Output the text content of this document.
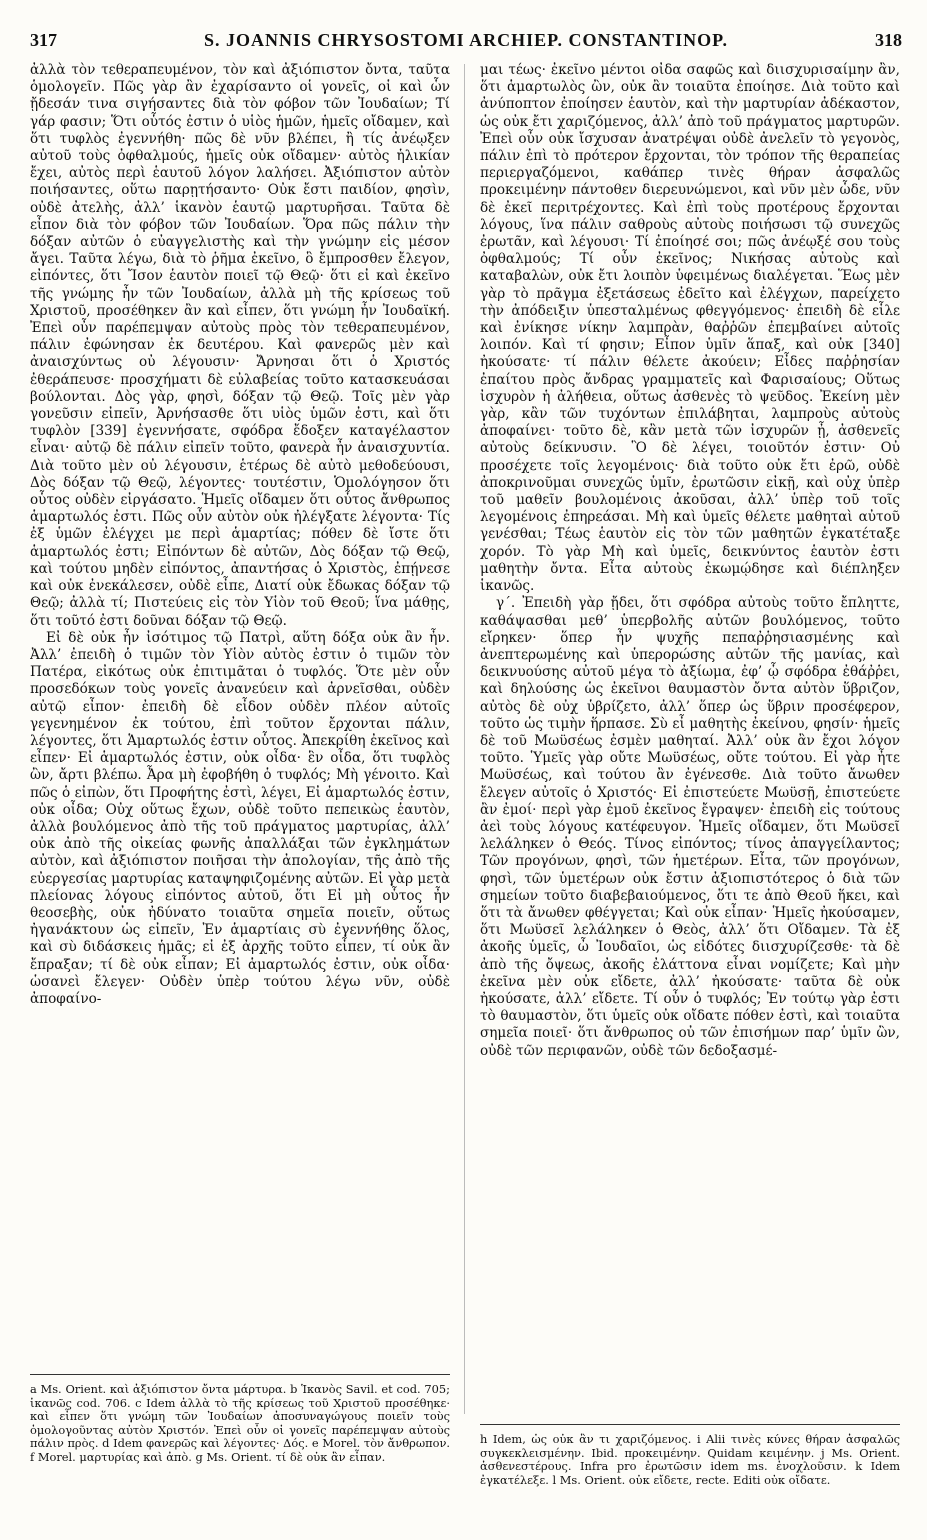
317	S. JOANNIS CHRYSOSTOMI ARCHIEP. CONSTANTINOP.	318

ἀλλὰ τὸν τεθεραπευμένον, τὸν καὶ ἀξιόπιστον ὄντα, ταῦτα ὁμολογεῖν. Πῶς γὰρ ἂν ἐχαρίσαντο οἱ γονεῖς, οἱ καὶ ὧν ᾔδεσάν τινα σιγήσαντες διὰ τὸν φόβον τῶν Ἰουδαίων; Τί γάρ φασιν; Ὅτι οὗτός ἐστιν ὁ υἱὸς ἡμῶν, ἡμεῖς οἴδαμεν, καὶ ὅτι τυφλὸς ἐγεννήθη· πῶς δὲ νῦν βλέπει, ἢ τίς ἀνέῳξεν αὐτοῦ τοὺς ὀφθαλμούς, ἡμεῖς οὐκ οἴδαμεν· αὐτὸς ἡλικίαν ἔχει, αὐτὸς περὶ ἑαυτοῦ λόγον λαλήσει. Ἀξιόπιστον αὐτὸν ποιήσαντες, οὕτω παρῃτήσαντο· Οὐκ ἔστι παιδίον, φησὶν, οὐδὲ ἀτελὴς, ἀλλ’ ἱκανὸν ἑαυτῷ μαρτυρῆσαι. Ταῦτα δὲ εἶπον διὰ τὸν φόβον τῶν Ἰουδαίων. Ὅρα πῶς πάλιν τὴν δόξαν αὐτῶν ὁ εὐαγγελιστὴς καὶ τὴν γνώμην εἰς μέσον ἄγει. Ταῦτα λέγω, διὰ τὸ ῥῆμα ἐκεῖνο, ὃ ἔμπροσθεν ἔλεγον, εἰπόντες, ὅτι Ἴσον ἑαυτὸν ποιεῖ τῷ Θεῷ· ὅτι εἰ καὶ ἐκεῖνο τῆς γνώμης ἦν τῶν Ἰουδαίων, ἀλλὰ μὴ τῆς κρίσεως τοῦ Χριστοῦ, προσέθηκεν ἂν καὶ εἶπεν, ὅτι γνώμη ἦν Ἰουδαϊκή. Ἐπεὶ οὖν παρέπεμψαν αὐτοὺς πρὸς τὸν τεθεραπευμένον, πάλιν ἐφώνησαν ἐκ δευτέρου. Καὶ φανερῶς μὲν καὶ ἀναισχύντως οὐ λέγουσιν· Ἄρνησαι ὅτι ὁ Χριστός ἐθεράπευσε· προσχήματι δὲ εὐλαβείας τοῦτο κατασκευάσαι βούλονται. Δὸς γὰρ, φησὶ, δόξαν τῷ Θεῷ. Τοῖς μὲν γὰρ γονεῦσιν εἰπεῖν, Ἀρνήσασθε ὅτι υἱὸς ὑμῶν ἐστι, καὶ ὅτι τυφλὸν [339] ἐγεννήσατε, σφόδρα ἔδοξεν καταγέλαστον εἶναι· αὐτῷ δὲ πάλιν εἰπεῖν τοῦτο, φανερὰ ἦν ἀναισχυντία. Διὰ τοῦτο μὲν οὐ λέγουσιν, ἑτέρως δὲ αὐτὸ μεθοδεύουσι, Δὸς δόξαν τῷ Θεῷ, λέγοντες· τουτέστιν, Ὁμολόγησον ὅτι οὗτος οὐδὲν εἰργάσατο. Ἡμεῖς οἴδαμεν ὅτι οὗτος ἄνθρωπος ἁμαρτωλός ἐστι. Πῶς οὖν αὐτὸν οὐκ ἠλέγξατε λέγοντα· Τίς ἐξ ὑμῶν ἐλέγχει με περὶ ἁμαρτίας; πόθεν δὲ ἴστε ὅτι ἁμαρτωλός ἐστι; Εἰπόντων δὲ αὐτῶν, Δὸς δόξαν τῷ Θεῷ, καὶ τούτου μηδὲν εἰπόντος, ἀπαντήσας ὁ Χριστὸς, ἐπῄνεσε καὶ οὐκ ἐνεκάλεσεν, οὐδὲ εἶπε, Διατί οὐκ ἔδωκας δόξαν τῷ Θεῷ; ἀλλὰ τί; Πιστεύεις εἰς τὸν Υἱὸν τοῦ Θεοῦ; ἵνα μάθῃς, ὅτι τοῦτό ἐστι δοῦναι δόξαν τῷ Θεῷ.

Εἰ δὲ οὐκ ἦν ἰσότιμος τῷ Πατρὶ, αὕτη δόξα οὐκ ἂν ἦν. Ἀλλ’ ἐπειδὴ ὁ τιμῶν τὸν Υἱὸν αὐτὸς ἐστιν ὁ τιμῶν τὸν Πατέρα, εἰκότως οὐκ ἐπιτιμᾶται ὁ τυφλός. Ὅτε μὲν οὖν προσεδόκων τοὺς γονεῖς ἀνανεύειν καὶ ἀρνεῖσθαι, οὐδὲν αὐτῷ εἶπον· ἐπειδὴ δὲ εἶδον οὐδὲν πλέον αὐτοῖς γεγενημένον ἐκ τούτου, ἐπὶ τοῦτον ἔρχονται πάλιν, λέγοντες, ὅτι Ἁμαρτωλός ἐστιν οὗτος. Ἀπεκρίθη ἐκεῖνος καὶ εἶπεν· Εἰ ἁμαρτωλός ἐστιν, οὐκ οἶδα· ἓν οἶδα, ὅτι τυφλὸς ὢν, ἄρτι βλέπω. Ἆρα μὴ ἐφοβήθη ὁ τυφλός; Μὴ γένοιτο. Καὶ πῶς ὁ εἰπὼν, ὅτι Προφήτης ἐστὶ, λέγει, Εἰ ἁμαρτωλός ἐστιν, οὐκ οἶδα; Οὐχ οὕτως ἔχων, οὐδὲ τοῦτο πεπεικὼς ἑαυτὸν, ἀλλὰ βουλόμενος ἀπὸ τῆς τοῦ πράγματος μαρτυρίας, ἀλλ’ οὐκ ἀπὸ τῆς οἰκείας φωνῆς ἀπαλλάξαι τῶν ἐγκλημάτων αὐτὸν, καὶ ἀξιόπιστον ποιῆσαι τὴν ἀπολογίαν, τῆς ἀπὸ τῆς εὐεργεσίας μαρτυρίας καταψηφιζομένης αὐτῶν. Εἰ γὰρ μετὰ πλείονας λόγους εἰπόντος αὐτοῦ, ὅτι Εἰ μὴ οὗτος ἦν θεοσεβὴς, οὐκ ἠδύνατο τοιαῦτα σημεῖα ποιεῖν, οὕτως ἠγανάκτουν ὡς εἰπεῖν, Ἐν ἁμαρτίαις σὺ ἐγεννήθης ὅλος, καὶ σὺ διδάσκεις ἡμᾶς; εἰ ἐξ ἀρχῆς τοῦτο εἶπεν, τί οὐκ ἂν ἔπραξαν; τί δὲ οὐκ εἶπαν; Εἰ ἁμαρτωλός ἐστιν, οὐκ οἶδα· ὡσανεὶ ἔλεγεν· Οὐδὲν ὑπὲρ τούτου λέγω νῦν, οὐδὲ ἀποφαίνο-

μαι τέως· ἐκεῖνο μέντοι οἶδα σαφῶς καὶ διισχυρισαίμην ἂν, ὅτι ἁμαρτωλὸς ὢν, οὐκ ἂν τοιαῦτα ἐποίησε. Διὰ τοῦτο καὶ ἀνύποπτον ἐποίησεν ἑαυτὸν, καὶ τὴν μαρτυρίαν ἀδέκαστον, ὡς οὐκ ἔτι χαριζόμενος, ἀλλ’ ἀπὸ τοῦ πράγματος μαρτυρῶν. Ἐπεὶ οὖν οὐκ ἴσχυσαν ἀνατρέψαι οὐδὲ ἀνελεῖν τὸ γεγονὸς, πάλιν ἐπὶ τὸ πρότερον ἔρχονται, τὸν τρόπον τῆς θεραπείας περιεργαζόμενοι, καθάπερ τινὲς θήραν ἀσφαλῶς προκειμένην πάντοθεν διερευνώμενοι, καὶ νῦν μὲν ὧδε, νῦν δὲ ἐκεῖ περιτρέχοντες. Καὶ ἐπὶ τοὺς προτέρους ἔρχονται λόγους, ἵνα πάλιν σαθροὺς αὐτοὺς ποιήσωσι τῷ συνεχῶς ἐρωτᾶν, καὶ λέγουσι· Τί ἐποίησέ σοι; πῶς ἀνέῳξέ σου τοὺς ὀφθαλμούς; Τί οὖν ἐκεῖνος; Νικήσας αὐτοὺς καὶ καταβαλὼν, οὐκ ἔτι λοιπὸν ὑφειμένως διαλέγεται. Ἕως μὲν γὰρ τὸ πρᾶγμα ἐξετάσεως ἐδεῖτο καὶ ἐλέγχων, παρείχετο τὴν ἀπόδειξιν ὑπεσταλμένως φθεγγόμενος· ἐπειδὴ δὲ εἷλε καὶ ἐνίκησε νίκην λαμπρὰν, θαῤῥῶν ἐπεμβαίνει αὐτοῖς λοιπόν. Καὶ τί φησιν; Εἶπον ὑμῖν ἅπαξ, καὶ οὐκ [340] ἠκούσατε· τί πάλιν θέλετε ἀκούειν; Εἶδες παῤῥησίαν ἐπαίτου πρὸς ἄνδρας γραμματεῖς καὶ Φαρισαίους; Οὕτως ἰσχυρὸν ἡ ἀλήθεια, οὕτως ἀσθενὲς τὸ ψεῦδος. Ἐκείνη μὲν γὰρ, κἂν τῶν τυχόντων ἐπιλάβηται, λαμπροὺς αὐτοὺς ἀποφαίνει· τοῦτο δὲ, κἂν μετὰ τῶν ἰσχυρῶν ᾖ, ἀσθενεῖς αὐτοὺς δείκνυσιν. Ὃ δὲ λέγει, τοιοῦτόν ἐστιν· Οὐ προσέχετε τοῖς λεγομένοις· διὰ τοῦτο οὐκ ἔτι ἐρῶ, οὐδὲ ἀποκρινοῦμαι συνεχῶς ὑμῖν, ἐρωτῶσιν εἰκῇ, καὶ οὐχ ὑπὲρ τοῦ μαθεῖν βουλομένοις ἀκοῦσαι, ἀλλ’ ὑπὲρ τοῦ τοῖς λεγομένοις ἐπηρεάσαι. Μὴ καὶ ὑμεῖς θέλετε μαθηταὶ αὐτοῦ γενέσθαι; Τέως ἑαυτὸν εἰς τὸν τῶν μαθητῶν ἐγκατέταξε χορόν. Τὸ γὰρ Μὴ καὶ ὑμεῖς, δεικνύντος ἑαυτὸν ἐστι μαθητὴν ὄντα. Εἶτα αὐτοὺς ἐκωμῴδησε καὶ διέπληξεν ἱκανῶς.

γ´. Ἐπειδὴ γὰρ ᾔδει, ὅτι σφόδρα αὐτοὺς τοῦτο ἔπληττε, καθάψασθαι μεθ’ ὑπερβολῆς αὐτῶν βουλόμενος, τοῦτο εἴρηκεν· ὅπερ ἦν ψυχῆς πεπαῤῥησιασμένης καὶ ἀνεπτερωμένης καὶ ὑπερορώσης αὐτῶν τῆς μανίας, καὶ δεικνυούσης αὐτοῦ μέγα τὸ ἀξίωμα, ἐφ’ ᾧ σφόδρα ἐθάῤῥει, καὶ δηλούσης ὡς ἐκεῖνοι θαυμαστὸν ὄντα αὐτὸν ὕβριζον, αὐτὸς δὲ οὐχ ὑβρίζετο, ἀλλ’ ὅπερ ὡς ὕβριν προσέφερον, τοῦτο ὡς τιμὴν ἥρπασε. Σὺ εἶ μαθητὴς ἐκείνου, φησίν· ἡμεῖς δὲ τοῦ Μωϋσέως ἐσμὲν μαθηταί. Ἀλλ’ οὐκ ἂν ἔχοι λόγον τοῦτο. Ὑμεῖς γὰρ οὔτε Μωϋσέως, οὔτε τούτου. Εἰ γὰρ ἦτε Μωϋσέως, καὶ τούτου ἂν ἐγένεσθε. Διὰ τοῦτο ἄνωθεν ἔλεγεν αὐτοῖς ὁ Χριστός· Εἰ ἐπιστεύετε Μωϋσῇ, ἐπιστεύετε ἂν ἐμοί· περὶ γὰρ ἐμοῦ ἐκεῖνος ἔγραψεν· ἐπειδὴ εἰς τούτους ἀεὶ τοὺς λόγους κατέφευγον. Ἡμεῖς οἴδαμεν, ὅτι Μωϋσεῖ λελάληκεν ὁ Θεός. Τίνος εἰπόντος; τίνος ἀπαγγείλαντος; Τῶν προγόνων, φησὶ, τῶν ἡμετέρων. Εἶτα, τῶν προγόνων, φησὶ, τῶν ὑμετέρων οὐκ ἔστιν ἀξιοπιστότερος ὁ διὰ τῶν σημείων τοῦτο διαβεβαιούμενος, ὅτι τε ἀπὸ Θεοῦ ἥκει, καὶ ὅτι τὰ ἄνωθεν φθέγγεται; Καὶ οὐκ εἶπαν· Ἡμεῖς ἠκούσαμεν, ὅτι Μωϋσεῖ λελάληκεν ὁ Θεὸς, ἀλλ’ ὅτι Οἴδαμεν. Τὰ ἐξ ἀκοῆς ὑμεῖς, ὦ Ἰουδαῖοι, ὡς εἰδότες διισχυρίζεσθε· τὰ δὲ ἀπὸ τῆς ὄψεως, ἀκοῆς ἐλάττονα εἶναι νομίζετε; Καὶ μὴν ἐκεῖνα μὲν οὐκ εἴδετε, ἀλλ’ ἠκούσατε· ταῦτα δὲ οὐκ ἠκούσατε, ἀλλ’ εἴδετε. Τί οὖν ὁ τυφλός; Ἐν τούτῳ γὰρ ἐστι τὸ θαυμαστὸν, ὅτι ὑμεῖς οὐκ οἴδατε πόθεν ἐστὶ, καὶ τοιαῦτα σημεῖα ποιεῖ· ὅτι ἄνθρωπος οὐ τῶν ἐπισήμων παρ’ ὑμῖν ὢν, οὐδὲ τῶν περιφανῶν, οὐδὲ τῶν δεδοξασμέ-

a Ms. Orient. καὶ ἀξιόπιστον ὄντα μάρτυρα. b Ἱκανὸς Savil. et cod. 705; ἱκανῶς cod. 706. c Idem ἀλλὰ τὸ τῆς κρίσεως τοῦ Χριστοῦ προσέθηκε· καὶ εἶπεν ὅτι γνώμη τῶν Ἰουδαίων ἀποσυναγώγους ποιεῖν τοὺς ὁμολογοῦντας αὐτὸν Χριστόν. Ἐπεὶ οὖν οἱ γονεῖς παρέπεμψαν αὐτοὺς πάλιν πρὸς. d Idem φανερῶς καὶ λέγοντες· Δός. e Morel. τὸν ἄνθρωπον. f Morel. μαρτυρίας καὶ ἀπὸ. g Ms. Orient. τί δὲ οὐκ ἂν εἶπαν.
h Idem, ὡς οὐκ ἂν τι χαριζόμενος. i Alii τινὲς κύνες θήραν ἀσφαλῶς συγκεκλεισμένην. Ibid. προκειμένην. Quidam κειμένην. j Ms. Orient. ἀσθενεστέρους. Infra pro ἐρωτῶσιν idem ms. ἐνοχλοῦσιν. k Idem ἐγκατέλεξε. l Ms. Orient. οὐκ εἴδετε, recte. Editi οὐκ οἴδατε.
